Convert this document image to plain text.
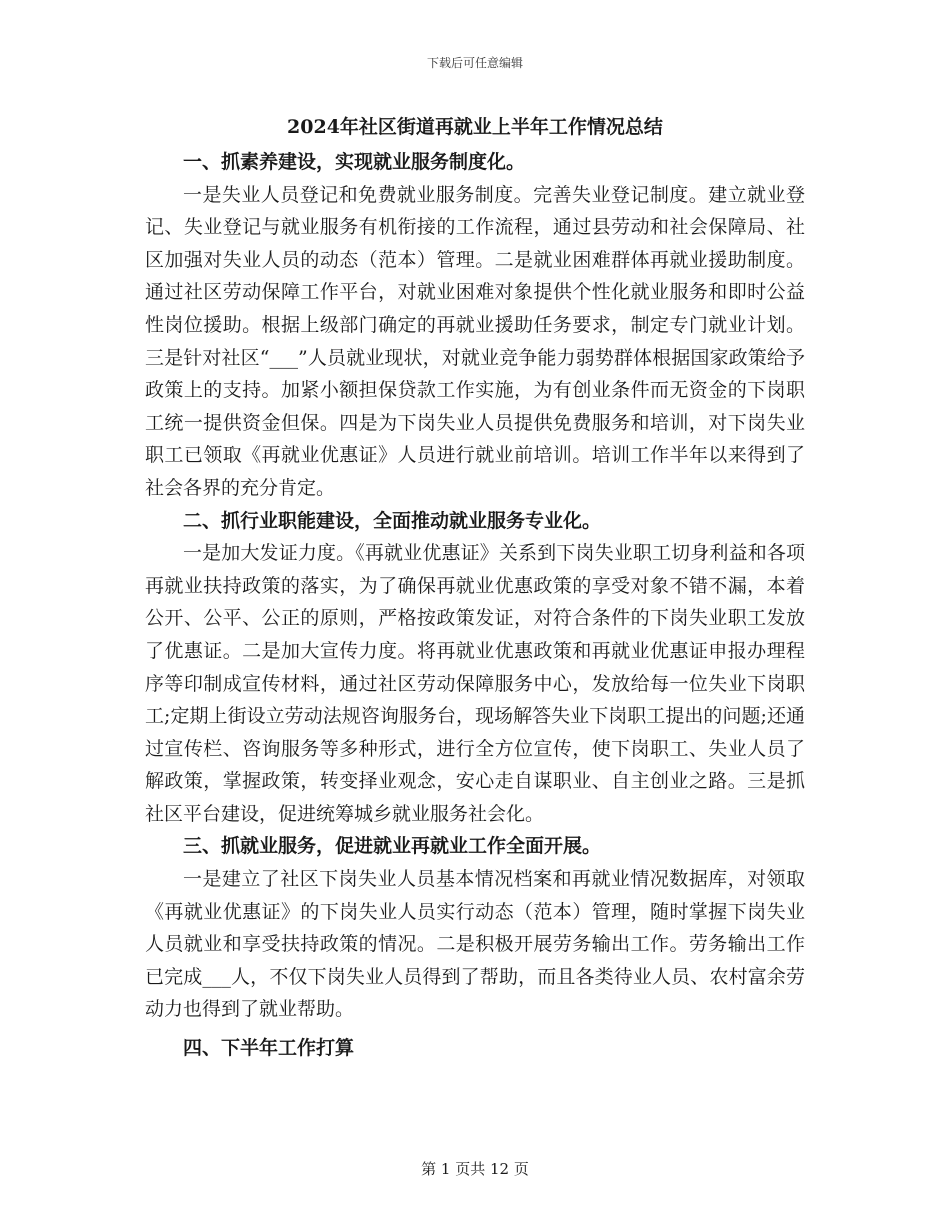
下载后可任意编辑
2024年社区街道再就业上半年工作情况总结

一、抓素养建设，实现就业服务制度化。

一是失业人员登记和免费就业服务制度。完善失业登记制度。建立就业登记、失业登记与就业服务有机衔接的工作流程，通过县劳动和社会保障局、社区加强对失业人员的动态（范本）管理。二是就业困难群体再就业援助制度。通过社区劳动保障工作平台，对就业困难对象提供个性化就业服务和即时公益性岗位援助。根据上级部门确定的再就业援助任务要求，制定专门就业计划。三是针对社区“___”人员就业现状，对就业竞争能力弱势群体根据国家政策给予政策上的支持。加紧小额担保贷款工作实施，为有创业条件而无资金的下岗职工统一提供资金但保。四是为下岗失业人员提供免费服务和培训，对下岗失业职工已领取《再就业优惠证》人员进行就业前培训。培训工作半年以来得到了社会各界的充分肯定。

二、抓行业职能建设，全面推动就业服务专业化。

一是加大发证力度。《再就业优惠证》关系到下岗失业职工切身利益和各项再就业扶持政策的落实，为了确保再就业优惠政策的享受对象不错不漏，本着公开、公平、公正的原则，严格按政策发证，对符合条件的下岗失业职工发放了优惠证。二是加大宣传力度。将再就业优惠政策和再就业优惠证申报办理程序等印制成宣传材料，通过社区劳动保障服务中心，发放给每一位失业下岗职工;定期上街设立劳动法规咨询服务台，现场解答失业下岗职工提出的问题;还通过宣传栏、咨询服务等多种形式，进行全方位宣传，使下岗职工、失业人员了解政策，掌握政策，转变择业观念，安心走自谋职业、自主创业之路。三是抓社区平台建设，促进统筹城乡就业服务社会化。

三、抓就业服务，促进就业再就业工作全面开展。

一是建立了社区下岗失业人员基本情况档案和再就业情况数据库，对领取《再就业优惠证》的下岗失业人员实行动态（范本）管理，随时掌握下岗失业人员就业和享受扶持政策的情况。二是积极开展劳务输出工作。劳务输出工作已完成___人，不仅下岗失业人员得到了帮助，而且各类待业人员、农村富余劳动力也得到了就业帮助。

四、下半年工作打算

第 1 页共 12 页
